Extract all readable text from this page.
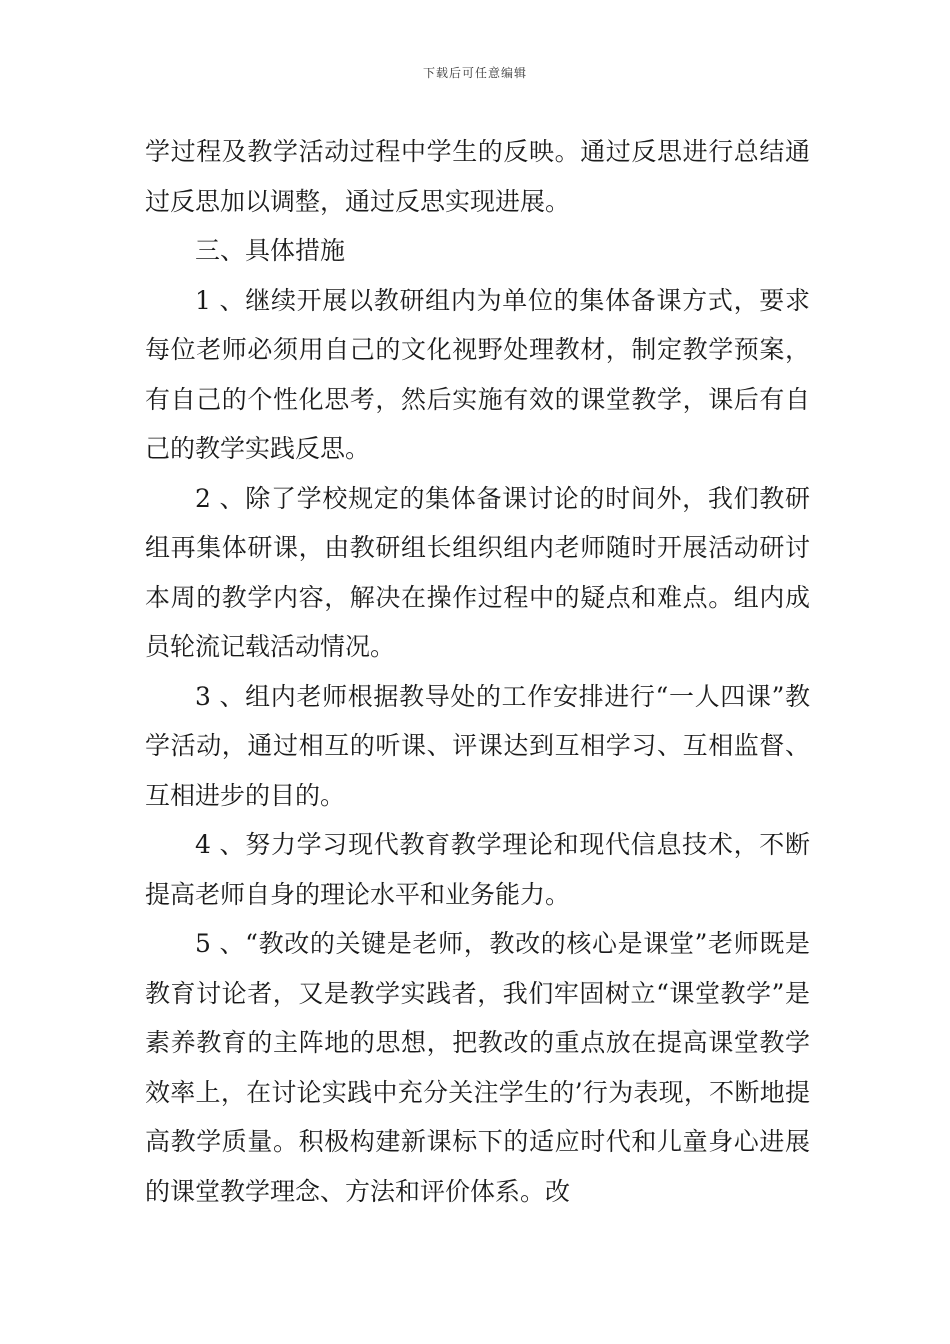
下载后可任意编辑

学过程及教学活动过程中学生的反映。通过反思进行总结通过反思加以调整，通过反思实现进展。

三、具体措施

1 、继续开展以教研组内为单位的集体备课方式，要求每位老师必须用自己的文化视野处理教材，制定教学预案，有自己的个性化思考，然后实施有效的课堂教学，课后有自己的教学实践反思。

2 、除了学校规定的集体备课讨论的时间外，我们教研组再集体研课，由教研组长组织组内老师随时开展活动研讨本周的教学内容，解决在操作过程中的疑点和难点。组内成员轮流记载活动情况。

3 、组内老师根据教导处的工作安排进行“一人四课”教学活动，通过相互的听课、评课达到互相学习、互相监督、互相进步的目的。

4 、努力学习现代教育教学理论和现代信息技术，不断提高老师自身的理论水平和业务能力。

5 、“教改的关键是老师，教改的核心是课堂”老师既是教育讨论者，又是教学实践者，我们牢固树立“课堂教学”是素养教育的主阵地的思想，把教改的重点放在提高课堂教学效率上，在讨论实践中充分关注学生的’行为表现，不断地提高教学质量。积极构建新课标下的适应时代和儿童身心进展的课堂教学理念、方法和评价体系。改
